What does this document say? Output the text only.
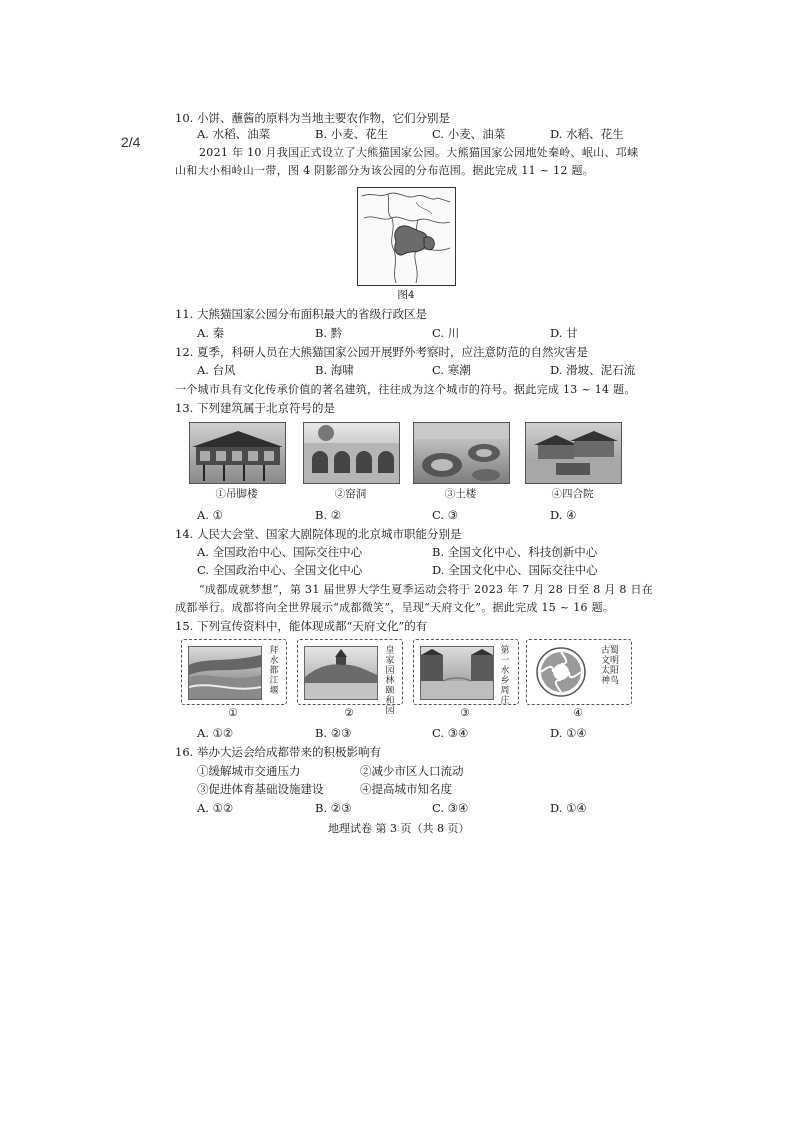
2/4
10. 小饼、蘸酱的原料为当地主要农作物，它们分别是
A. 水稻、油菜	B. 小麦、花生	C. 小麦、油菜	D. 水稻、花生
2021 年 10 月我国正式设立了大熊猫国家公园。大熊猫国家公园地处秦岭、岷山、邛崃
山和大小相岭山一带，图 4 阴影部分为该公园的分布范围。据此完成 11 ~ 12 题。
图4
11. 大熊猫国家公园分布面积最大的省级行政区是
A. 秦	B. 黔	C. 川	D. 甘
12. 夏季，科研人员在大熊猫国家公园开展野外考察时，应注意防范的自然灾害是
A. 台风	B. 海啸	C. 寒潮	D. 滑坡、泥石流
一个城市具有文化传承价值的著名建筑，往往成为这个城市的符号。据此完成 13 ~ 14 题。
13. 下列建筑属于北京符号的是
①吊脚楼	②窑洞	③土楼	④四合院
A. ①	B. ②	C. ③	D. ④
14. 人民大会堂、国家大剧院体现的北京城市职能分别是
A. 全国政治中心、国际交往中心	B. 全国文化中心、科技创新中心
C. 全国政治中心、全国文化中心	D. 全国文化中心、国际交往中心
“成都成就梦想”，第 31 届世界大学生夏季运动会将于 2023 年 7 月 28 日至 8 月 8 日在
成都举行。成都将向全世界展示“成都微笑”，呈现“天府文化”。据此完成 15 ~ 16 题。
15. 下列宣传资料中，能体现成都“天府文化”的有
拜水都江堰
皇家园林颐和园
第一水乡周庄
古蜀文明太阳神鸟
①	②	③	④
A. ①②	B. ②③	C. ③④	D. ①④
16. 举办大运会给成都带来的积极影响有
①缓解城市交通压力	②减少市区人口流动
③促进体育基础设施建设	④提高城市知名度
A. ①②	B. ②③	C. ③④	D. ①④
地理试卷 第 3 页（共 8 页）
